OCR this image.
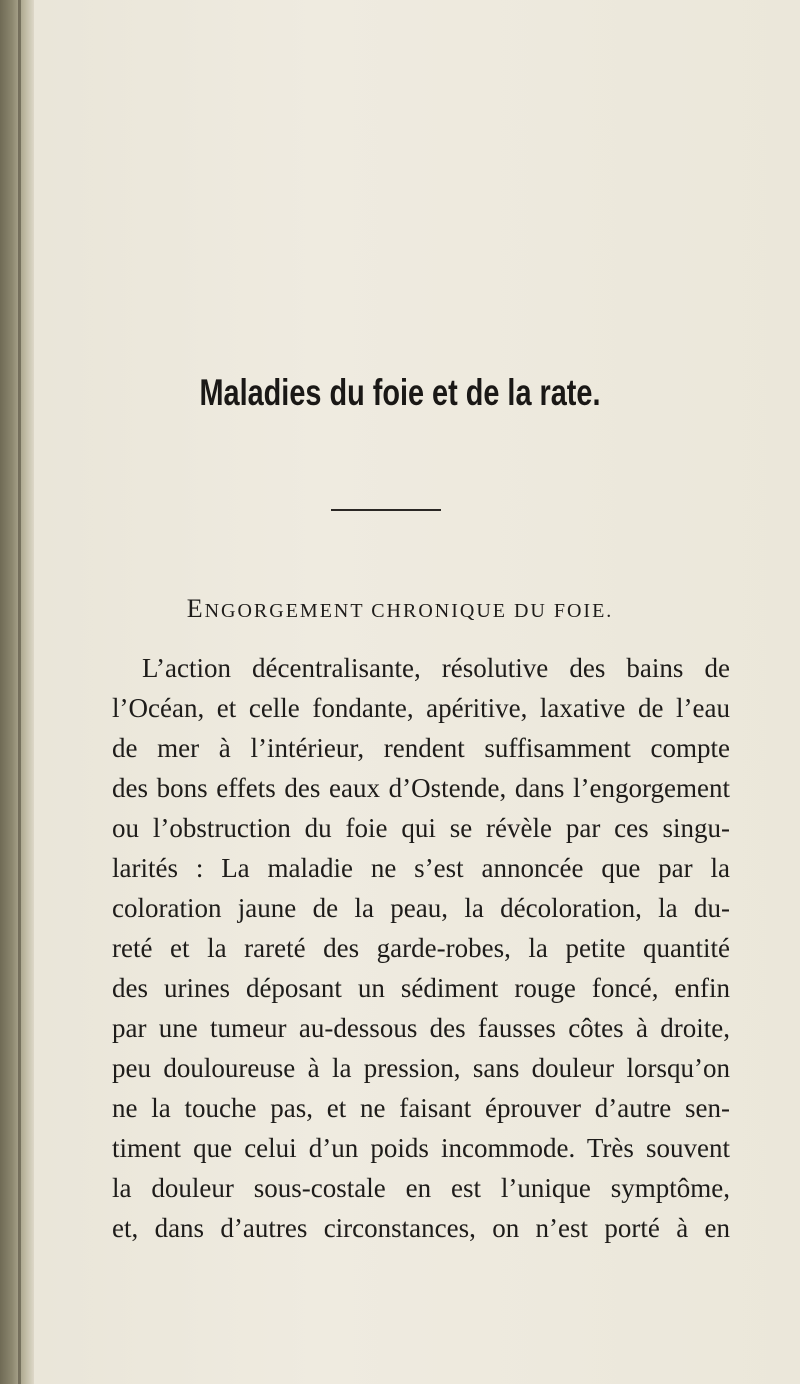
Maladies du foie et de la rate.
ENGORGEMENT CHRONIQUE DU FOIE.
L’action décentralisante, résolutive des bains de
l’Océan, et celle fondante, apéritive, laxative de l’eau
de mer à l’intérieur, rendent suffisamment compte
des bons effets des eaux d’Ostende, dans l’engorgement
ou l’obstruction du foie qui se révèle par ces singu-
larités : La maladie ne s’est annoncée que par la
coloration jaune de la peau, la décoloration, la du-
reté et la rareté des garde-robes, la petite quantité
des urines déposant un sédiment rouge foncé, enfin
par une tumeur au-dessous des fausses côtes à droite,
peu douloureuse à la pression, sans douleur lorsqu’on
ne la touche pas, et ne faisant éprouver d’autre sen-
timent que celui d’un poids incommode. Très souvent
la douleur sous-costale en est l’unique symptôme,
et, dans d’autres circonstances, on n’est porté à en
